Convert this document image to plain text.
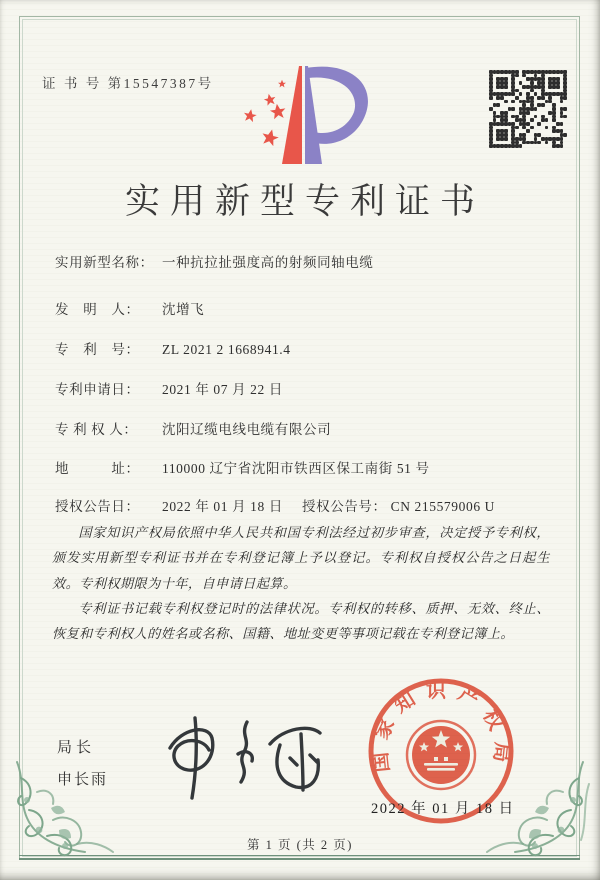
证 书 号 第15547387号
实用新型专利证书
实用新型名称： 一种抗拉扯强度高的射频同轴电缆
发　明　人： 沈增飞
专　利　号： ZL 2021 2 1668941.4
专利申请日： 2021 年 07 月 22 日
专 利 权 人： 沈阳辽缆电线电缆有限公司
地　　　址： 110000 辽宁省沈阳市铁西区保工南街 51 号
授权公告日： 2022 年 01 月 18 日 授权公告号： CN 215579006 U

国家知识产权局依照中华人民共和国专利法经过初步审查，决定授予专利权，颁发实用新型专利证书并在专利登记簿上予以登记。专利权自授权公告之日起生效。专利权期限为十年，自申请日起算。

专利证书记载专利权登记时的法律状况。专利权的转移、质押、无效、终止、恢复和专利权人的姓名或名称、国籍、地址变更等事项记载在专利登记簿上。

局长
申长雨
国家知识产权局
2022 年 01 月 18 日
第 1 页 (共 2 页)
